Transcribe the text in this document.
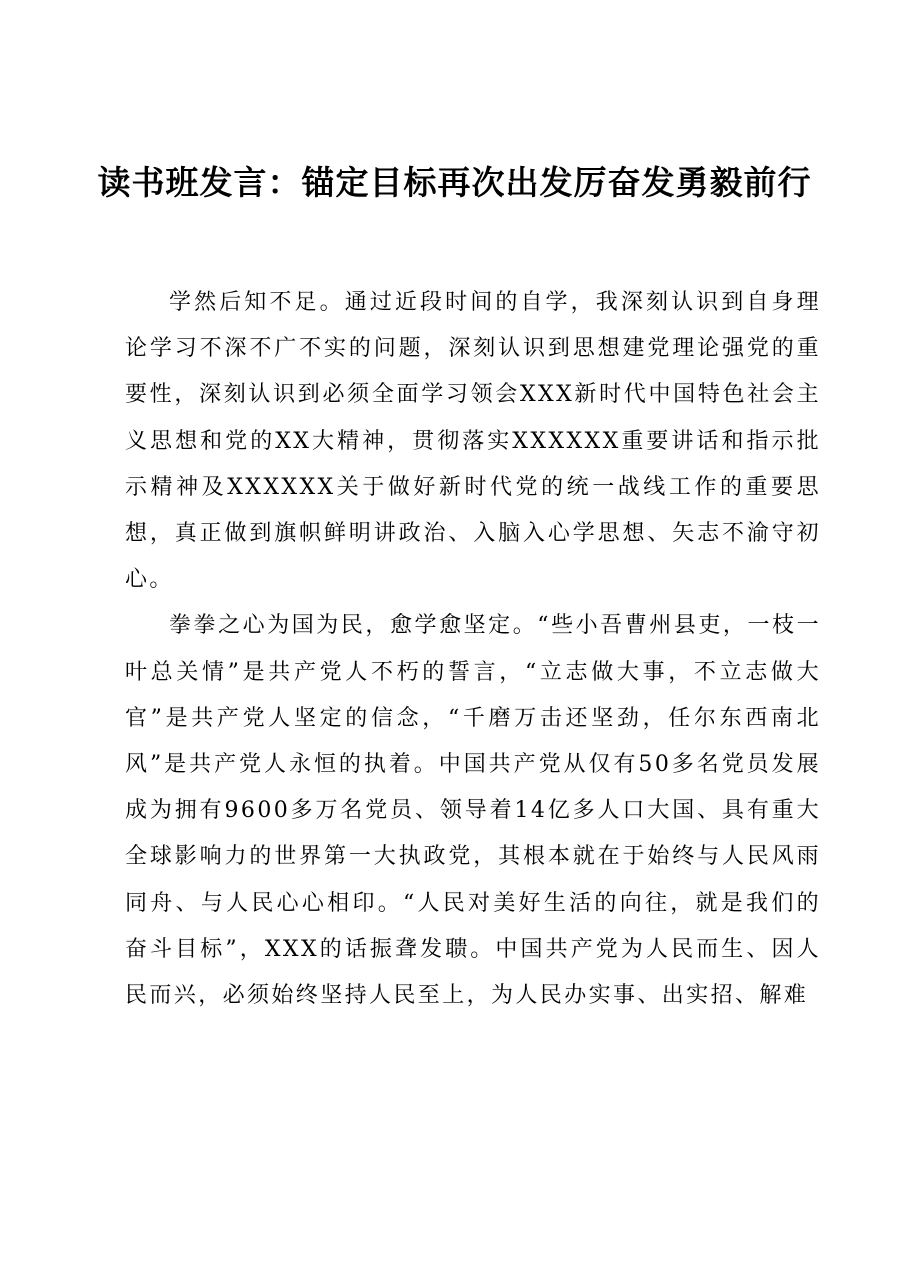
读书班发言：锚定目标再次出发厉奋发勇毅前行

学然后知不足。通过近段时间的自学，我深刻认识到自身理论学习不深不广不实的问题，深刻认识到思想建党理论强党的重要性，深刻认识到必须全面学习领会XXX新时代中国特色社会主义思想和党的XX大精神，贯彻落实XXXXXX重要讲话和指示批示精神及XXXXXX关于做好新时代党的统一战线工作的重要思想，真正做到旗帜鲜明讲政治、入脑入心学思想、矢志不渝守初心。

拳拳之心为国为民，愈学愈坚定。“些小吾曹州县吏，一枝一叶总关情”是共产党人不朽的誓言，“立志做大事，不立志做大官”是共产党人坚定的信念，“千磨万击还坚劲，任尔东西南北风”是共产党人永恒的执着。中国共产党从仅有50多名党员发展成为拥有9600多万名党员、领导着14亿多人口大国、具有重大全球影响力的世界第一大执政党，其根本就在于始终与人民风雨同舟、与人民心心相印。“人民对美好生活的向往，就是我们的奋斗目标”，XXX的话振聋发聩。中国共产党为人民而生、因人民而兴，必须始终坚持人民至上，为人民办实事、出实招、解难
